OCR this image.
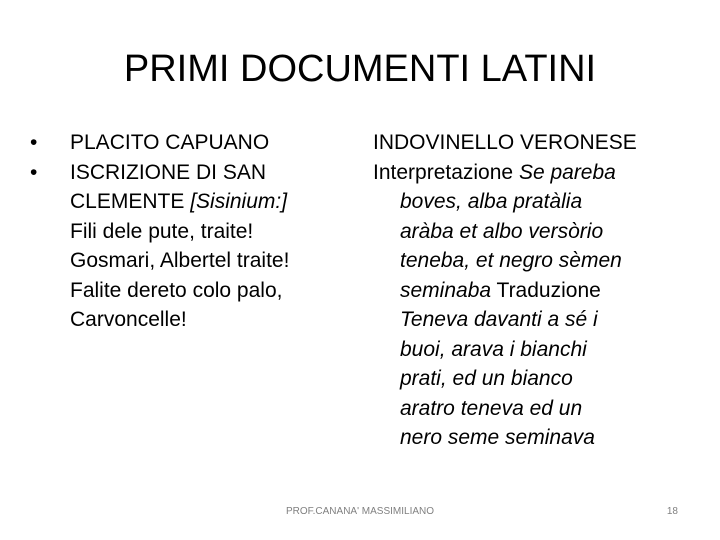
PRIMI DOCUMENTI LATINI
•	PLACITO CAPUANO
•	ISCRIZIONE DI SAN
CLEMENTE [Sisinium:]
Fili dele pute, traite!
Gosmari, Albertel traite!
Falite dereto colo palo,
Carvoncelle!
INDOVINELLO VERONESE
Interpretazione Se pareba
boves, alba pratàlia
aràba et albo versòrio
teneba, et negro sèmen
seminaba Traduzione
Teneva davanti a sé i
buoi, arava i bianchi
prati, ed un bianco
aratro teneva ed un
nero seme seminava
PROF.CANANA' MASSIMILIANO	18
